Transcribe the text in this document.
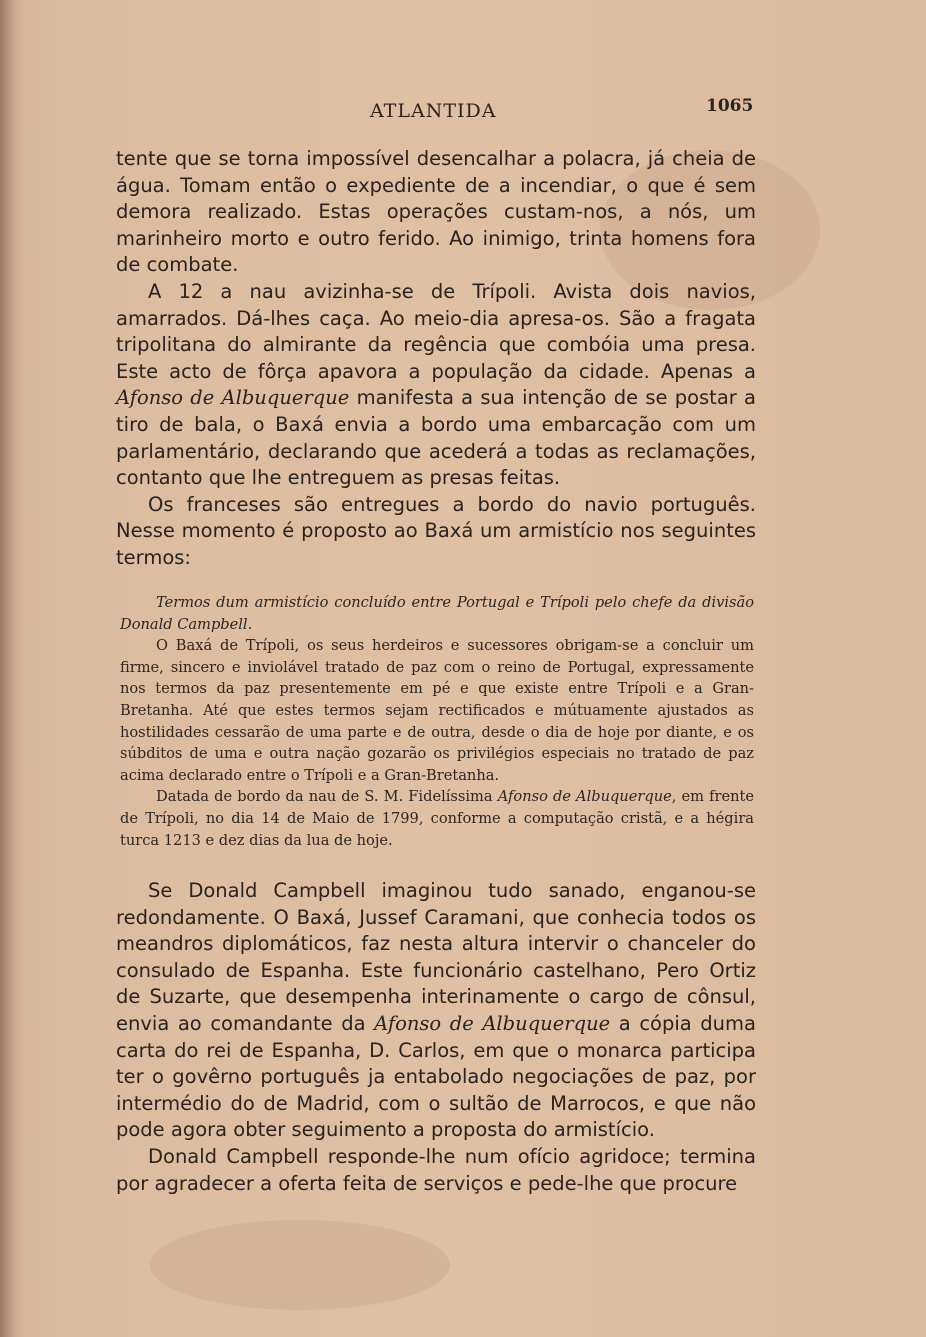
ATLANTIDA	1065

tente que se torna impossível desencalhar a polacra, já cheia de água. Tomam então o expediente de a incendiar, o que é sem demora realizado. Estas operações custam-nos, a nós, um marinheiro morto e outro ferido. Ao inimigo, trinta homens fora de combate.

A 12 a nau avizinha-se de Trípoli. Avista dois navios, amarrados. Dá-lhes caça. Ao meio-dia apresa-os. São a fragata tripolitana do almirante da regência que combóia uma presa. Este acto de fôrça apavora a população da cidade. Apenas a Afonso de Albuquerque manifesta a sua intenção de se postar a tiro de bala, o Baxá envia a bordo uma embarcação com um parlamentário, declarando que acederá a todas as reclamações, contanto que lhe entreguem as presas feitas.

Os franceses são entregues a bordo do navio português. Nesse momento é proposto ao Baxá um armistício nos seguintes termos:

Termos dum armistício concluído entre Portugal e Trípoli pelo chefe da divisão Donald Campbell.

O Baxá de Trípoli, os seus herdeiros e sucessores obrigam-se a concluir um firme, sincero e inviolável tratado de paz com o reino de Portugal, expressamente nos termos da paz presentemente em pé e que existe entre Trípoli e a Gran-Bretanha. Até que estes termos sejam rectificados e mútuamente ajustados as hostilidades cessarão de uma parte e de outra, desde o dia de hoje por diante, e os súbditos de uma e outra nação gozarão os privilégios especiais no tratado de paz acima declarado entre o Trípoli e a Gran-Bretanha.

Datada de bordo da nau de S. M. Fidelíssima Afonso de Albuquerque, em frente de Trípoli, no dia 14 de Maio de 1799, conforme a computação cristã, e a hégira turca 1213 e dez dias da lua de hoje.

Se Donald Campbell imaginou tudo sanado, enganou-se redondamente. O Baxá, Jussef Caramani, que conhecia todos os meandros diplomáticos, faz nesta altura intervir o chanceler do consulado de Espanha. Este funcionário castelhano, Pero Ortiz de Suzarte, que desempenha interinamente o cargo de cônsul, envia ao comandante da Afonso de Albuquerque a cópia duma carta do rei de Espanha, D. Carlos, em que o monarca participa ter o govêrno português ja entabolado negociações de paz, por intermédio do de Madrid, com o sultão de Marrocos, e que não pode agora obter seguimento a proposta do armistício.

Donald Campbell responde-lhe num ofício agridoce; termina por agradecer a oferta feita de serviços e pede-lhe que procure
